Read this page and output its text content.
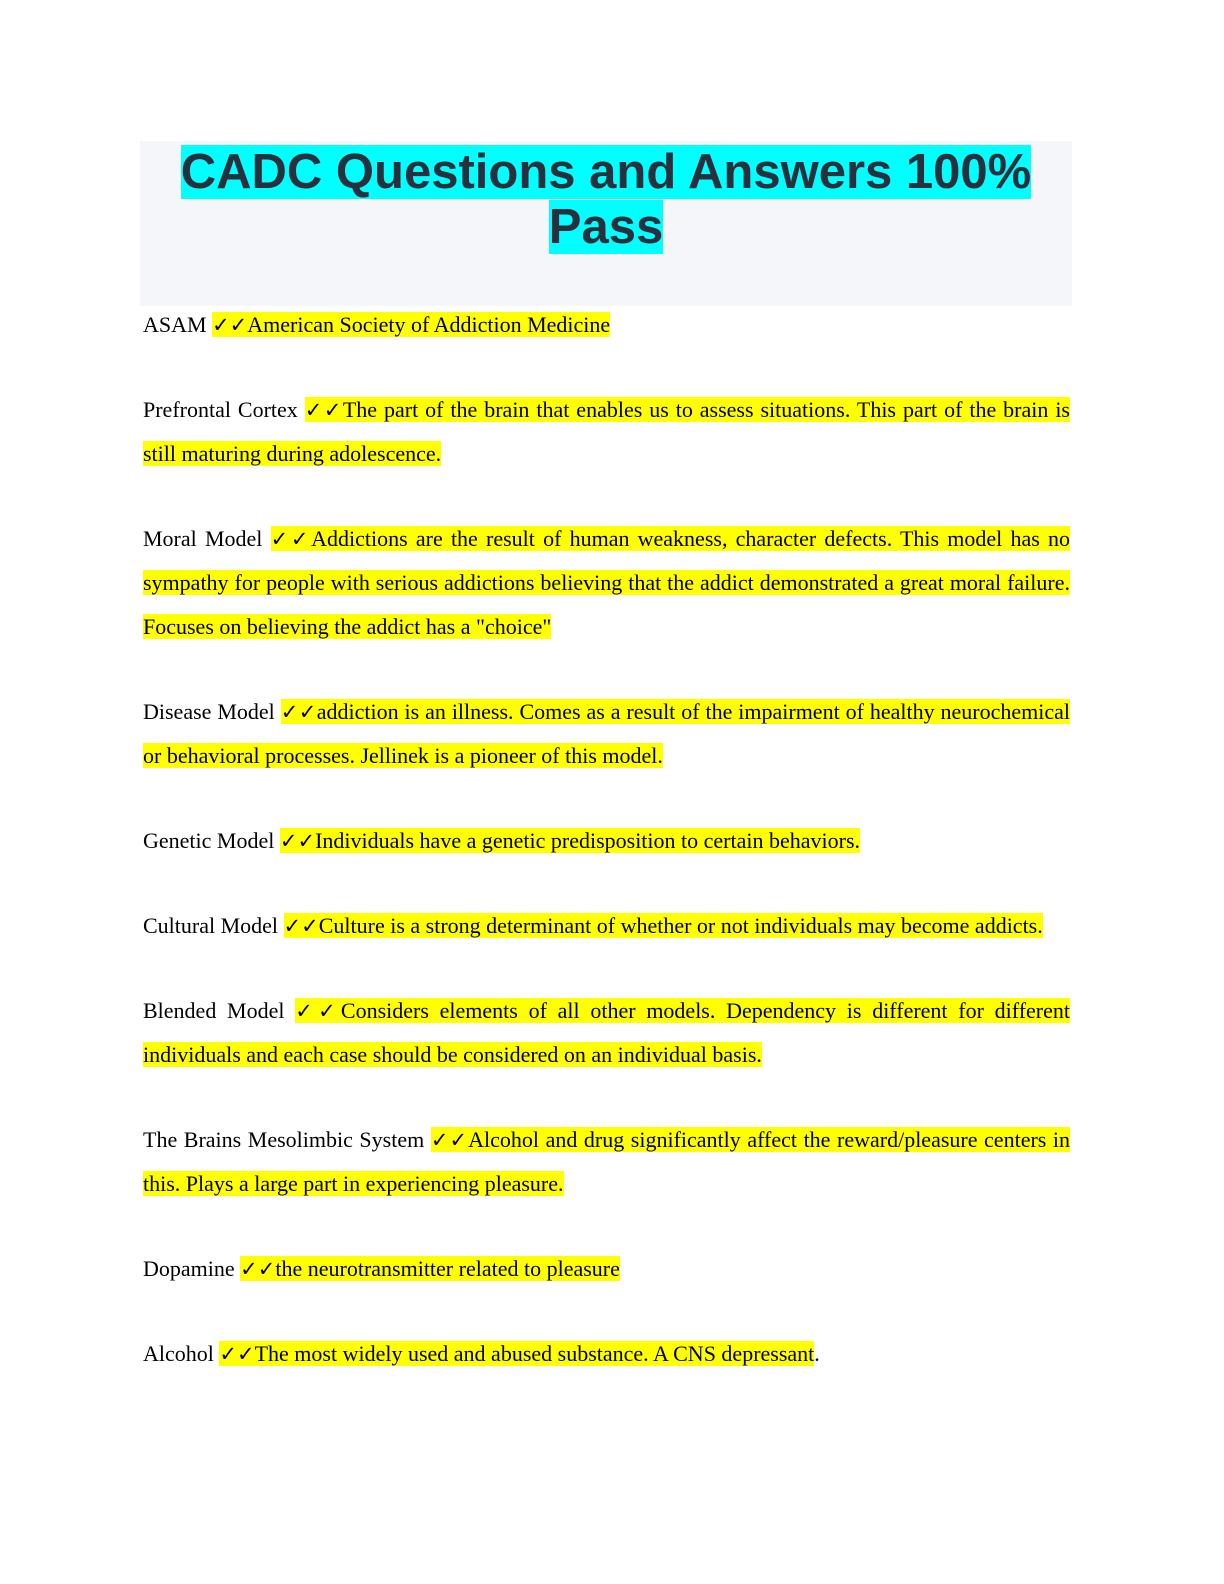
CADC Questions and Answers 100%
Pass

ASAM ✓✓American Society of Addiction Medicine

Prefrontal Cortex ✓✓The part of the brain that enables us to assess situations. This part of the brain is still maturing during adolescence.

Moral Model ✓✓Addictions are the result of human weakness, character defects. This model has no sympathy for people with serious addictions believing that the addict demonstrated a great moral failure. Focuses on believing the addict has a "choice"

Disease Model ✓✓addiction is an illness. Comes as a result of the impairment of healthy neurochemical or behavioral processes. Jellinek is a pioneer of this model.

Genetic Model ✓✓Individuals have a genetic predisposition to certain behaviors.

Cultural Model ✓✓Culture is a strong determinant of whether or not individuals may become addicts.

Blended Model ✓✓Considers elements of all other models. Dependency is different for different individuals and each case should be considered on an individual basis.

The Brains Mesolimbic System ✓✓Alcohol and drug significantly affect the reward/pleasure centers in this. Plays a large part in experiencing pleasure.

Dopamine ✓✓the neurotransmitter related to pleasure

Alcohol ✓✓The most widely used and abused substance. A CNS depressant.
